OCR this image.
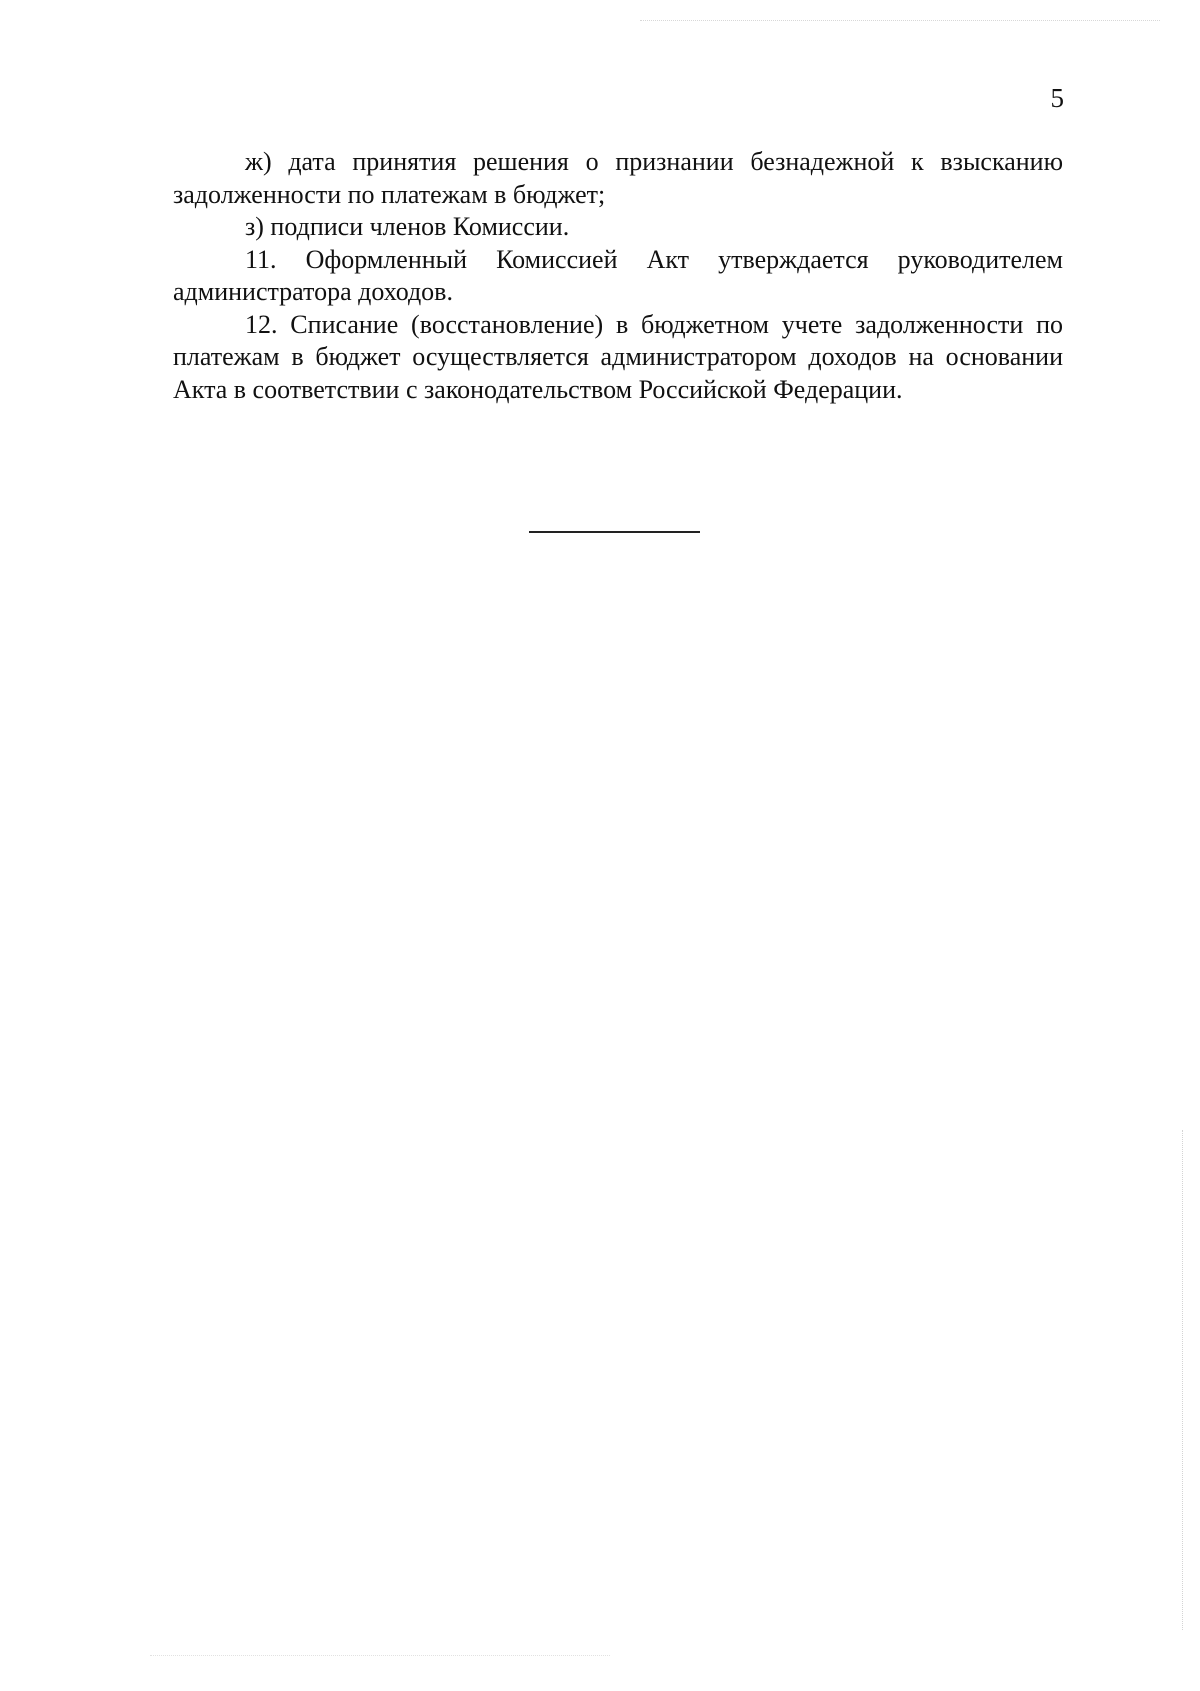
5

ж) дата принятия решения о признании безнадежной к взысканию задолженности по платежам в бюджет;

з) подписи членов Комиссии.

11. Оформленный Комиссией Акт утверждается руководителем администратора доходов.

12. Списание (восстановление) в бюджетном учете задолженности по платежам в бюджет осуществляется администратором доходов на основании Акта в соответствии с законодательством Российской Федерации.
